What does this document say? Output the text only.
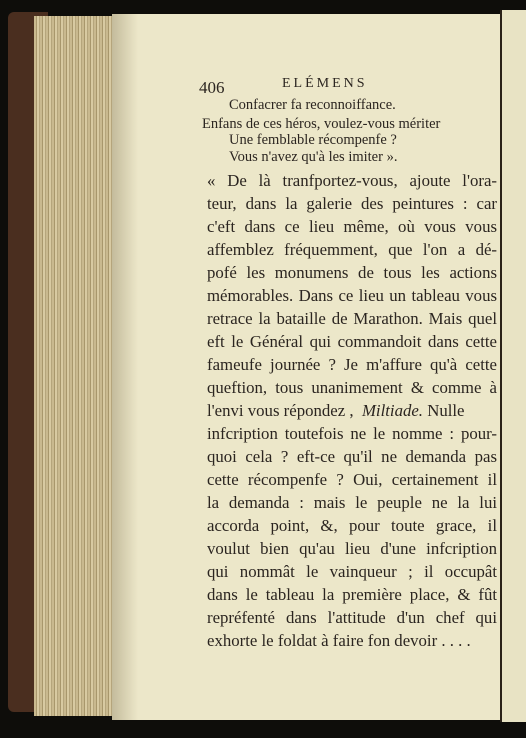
406	ELÉMENS
Confacrer fa reconnoiffance.
Enfans de ces héros, voulez-vous mériter
Une femblable récompenfe ?
Vous n'avez qu'à les imiter ».
« De là tranfportez-vous, ajoute l'ora-
teur, dans la galerie des peintures : car
c'eft dans ce lieu même, où vous vous
affemblez fréquemment, que l'on a dé-
pofé les monumens de tous les actions
mémorables. Dans ce lieu un tableau vous
retrace la bataille de Marathon. Mais quel
eft le Général qui commandoit dans cette
fameufe journée ? Je m'affure qu'à cette
queftion, tous unanimement & comme à
l'envi vous répondez , Miltiade. Nulle
infcription toutefois ne le nomme : pour-
quoi cela ? eft-ce qu'il ne demanda pas
cette récompenfe ? Oui, certainement il
la demanda : mais le peuple ne la lui
accorda point, &, pour toute grace, il
voulut bien qu'au lieu d'une infcription
qui nommât le vainqueur ; il occupât
dans le tableau la première place, & fût
repréfenté dans l'attitude d'un chef qui
exhorte le foldat à faire fon devoir . . . .
